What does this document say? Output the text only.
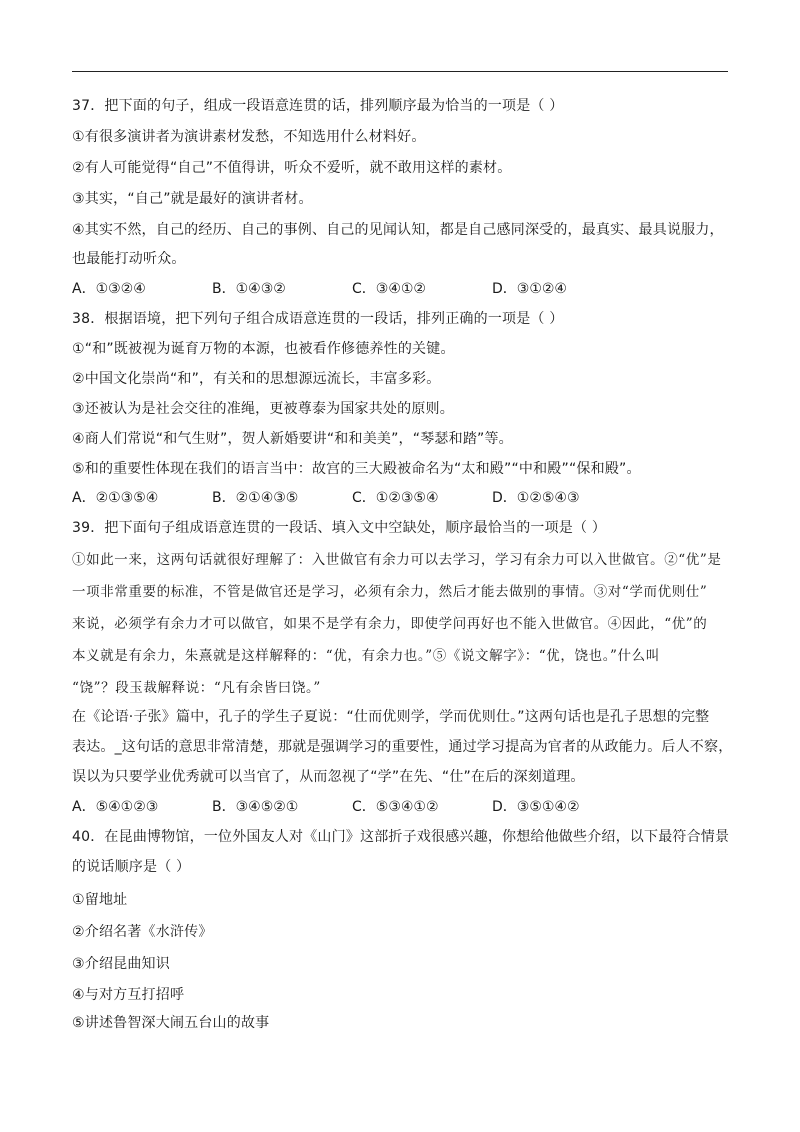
37．把下面的句子，组成一段语意连贯的话，排列顺序最为恰当的一项是（ ）
①有很多演讲者为演讲素材发愁，不知选用什么材料好。
②有人可能觉得“自己”不值得讲，听众不爱听，就不敢用这样的素材。
③其实，“自己”就是最好的演讲者材。
④其实不然，自己的经历、自己的事例、自己的见闻认知，都是自己感同深受的，最真实、最具说服力，
也最能打动听众。
A．①③②④	B．①④③②	C．③④①②	D．③①②④
38．根据语境，把下列句子组合成语意连贯的一段话，排列正确的一项是（ ）
①“和”既被视为诞育万物的本源，也被看作修德养性的关键。
②中国文化崇尚“和”，有关和的思想源远流长，丰富多彩。
③还被认为是社会交往的准绳，更被尊泰为国家共处的原则。
④商人们常说“和气生财”，贺人新婚要讲“和和美美”，“琴瑟和踏”等。
⑤和的重要性体现在我们的语言当中：故宫的三大殿被命名为“太和殿”“中和殿”“保和殿”。
A．②①③⑤④	B．②①④③⑤	C．①②③⑤④	D．①②⑤④③
39．把下面句子组成语意连贯的一段话、填入文中空缺处，顺序最恰当的一项是（ ）
①如此一来，这两句话就很好理解了：入世做官有余力可以去学习，学习有余力可以入世做官。②“优”是
一项非常重要的标准，不管是做官还是学习，必须有余力，然后才能去做别的事情。③对“学而优则仕”
来说，必须学有余力才可以做官，如果不是学有余力，即使学问再好也不能入世做官。④因此，“优”的
本义就是有余力，朱熹就是这样解释的：“优，有余力也。”⑤《说文解字》：“优，饶也。”什么叫
“饶”？段玉裁解释说：“凡有余皆曰饶。”
在《论语·子张》篇中，孔子的学生子夏说：“仕而优则学，学而优则仕。”这两句话也是孔子思想的完整
表达。_这句话的意思非常清楚，那就是强调学习的重要性，通过学习提高为官者的从政能力。后人不察，
误以为只要学业优秀就可以当官了，从而忽视了“学”在先、“仕”在后的深刻道理。
A．⑤④①②③	B．③④⑤②①	C．⑤③④①②	D．③⑤①④②
40．在昆曲博物馆，一位外国友人对《山门》这部折子戏很感兴趣，你想给他做些介绍，以下最符合情景
的说话顺序是（ ）
①留地址
②介绍名著《水浒传》
③介绍昆曲知识
④与对方互打招呼
⑤讲述鲁智深大闹五台山的故事
